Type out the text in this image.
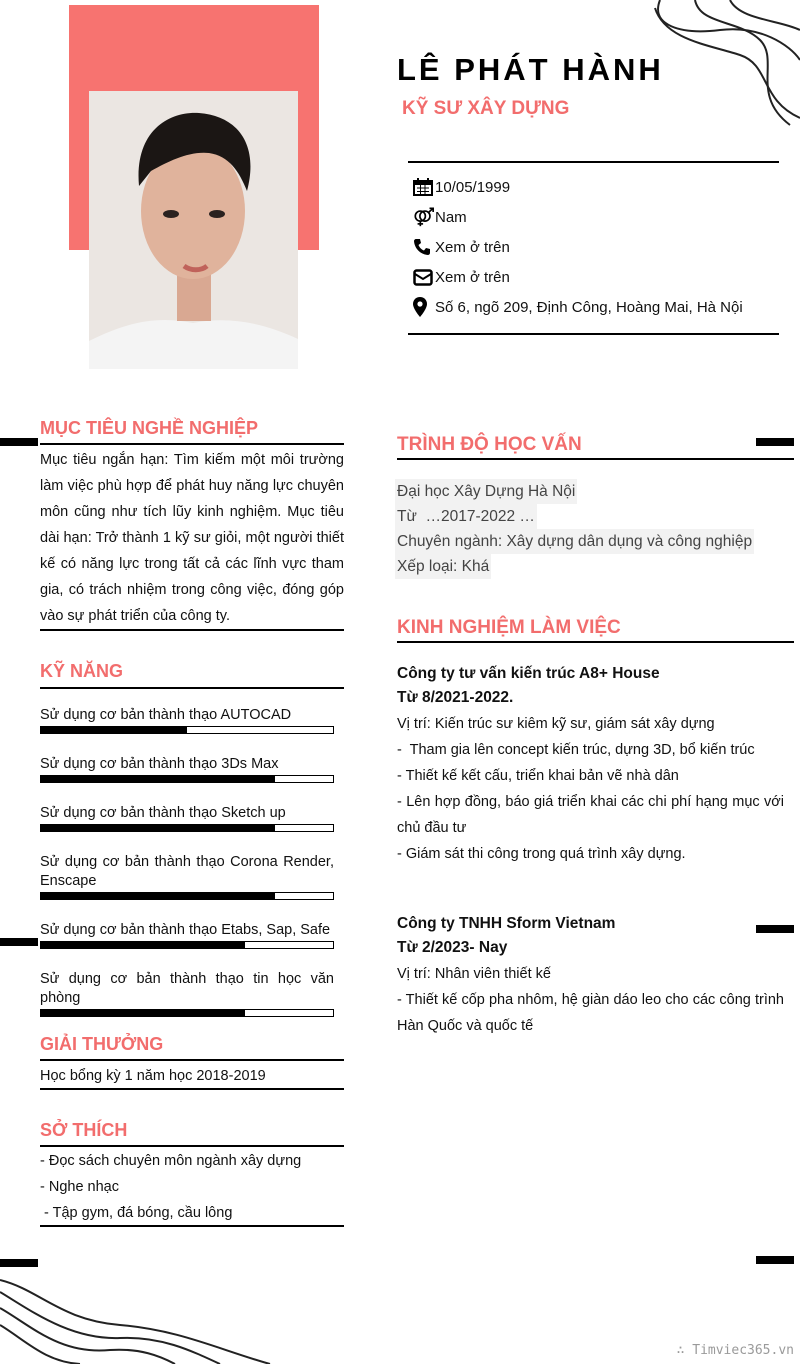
LÊ PHÁT HÀNH
KỸ SƯ XÂY DỰNG
10/05/1999
Nam
Xem ở trên
Xem ở trên
Số 6, ngõ 209, Định Công, Hoàng Mai, Hà Nội
MỤC TIÊU NGHỀ NGHIỆP
Mục tiêu ngắn hạn: Tìm kiếm một môi trường làm việc phù hợp để phát huy năng lực chuyên môn cũng như tích lũy kinh nghiệm. Mục tiêu dài hạn: Trở thành 1 kỹ sư giỏi, một người thiết kế có năng lực trong tất cả các lĩnh vực tham gia, có trách nhiệm trong công việc, đóng góp vào sự phát triển của công ty.
KỸ NĂNG
Sử dụng cơ bản thành thạo AUTOCAD
Sử dụng cơ bản thành thạo 3Ds Max
Sử dụng cơ bản thành thạo Sketch up
Sử dụng cơ bản thành thạo Corona Render, Enscape
Sử dụng cơ bản thành thạo Etabs, Sap, Safe
Sử dụng cơ bản thành thạo tin học văn phòng
GIẢI THƯỞNG
Học bổng kỳ 1 năm học 2018-2019
SỞ THÍCH
- Đọc sách chuyên môn ngành xây dựng
- Nghe nhạc
- Tập gym, đá bóng, cầu lông
TRÌNH ĐỘ HỌC VẤN
Đại học Xây Dựng Hà Nội
Từ  …2017-2022 …
Chuyên ngành: Xây dựng dân dụng và công nghiệp
Xếp loại: Khá
KINH NGHIỆM LÀM VIỆC
Công ty tư vấn kiến trúc A8+ House
Từ 8/2021-2022.
Vị trí: Kiến trúc sư kiêm kỹ sư, giám sát xây dựng
-  Tham gia lên concept kiến trúc, dựng 3D, bổ kiến trúc
- Thiết kế kết cấu, triển khai bản vẽ nhà dân
- Lên hợp đồng, báo giá triển khai các chi phí hạng mục với chủ đầu tư
- Giám sát thi công trong quá trình xây dựng.
Công ty TNHH Sform Vietnam
Từ 2/2023- Nay
Vị trí: Nhân viên thiết kế
- Thiết kế cốp pha nhôm, hệ giàn dáo leo cho các công trình Hàn Quốc và quốc tế
∴ Timviec365.vn
